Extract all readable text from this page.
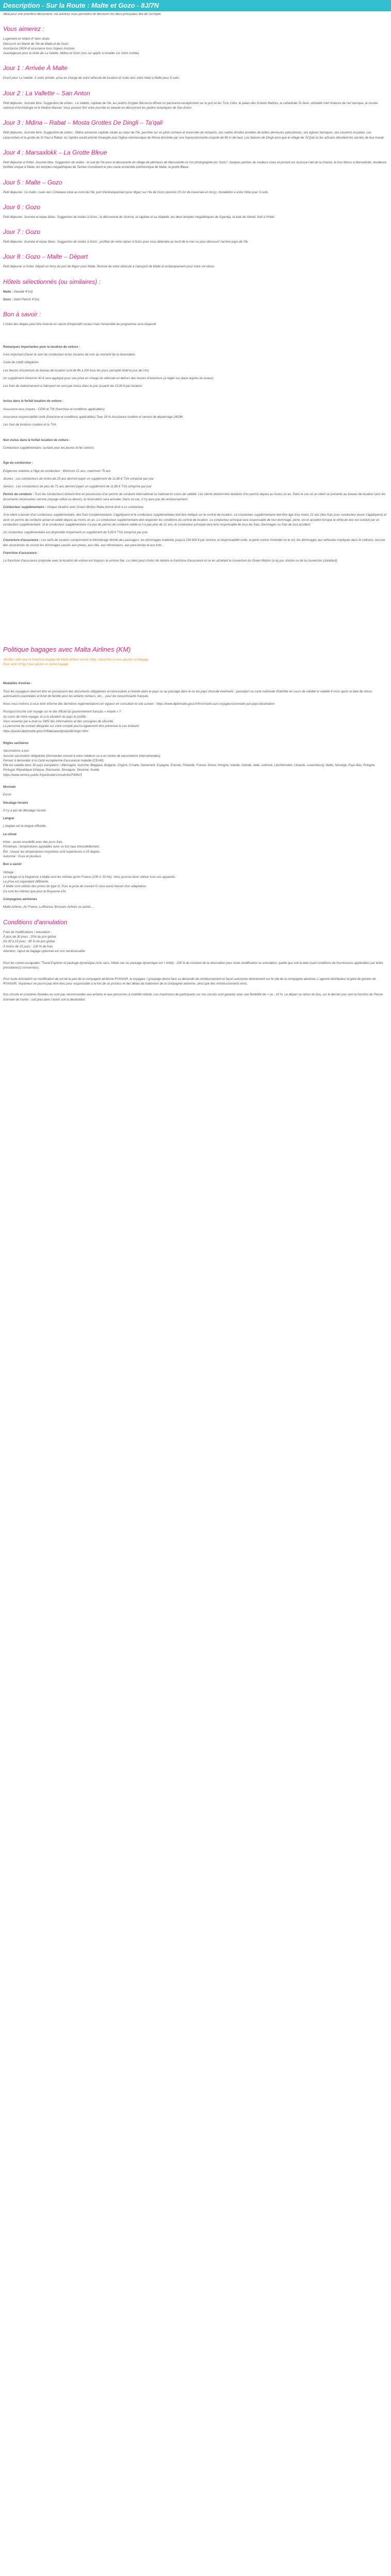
Description - Sur la Route : Malte et Gozo - 8J/7N

Idéal pour une première découverte, cet autotour vous permettra de découvrir les deux principales îles de l'archipel.

Vous aimerez :
Logement en hôtels 4* bien situés
Découvrir en liberté de l'île de Malte et de Gozo
Assistance 24/24 et assurance tous risques incluses
Avantageuse pour la visite de La Valette, Mdina et Gozo (vos sur applis à installer sur votre mobile)
Jour 1 : Arrivée À Malte

Envol pour La Valette. À votre arrivée, prise en charge de votre véhicule de location et route vers votre hôtel à Malte pour 4 nuits.

Jour 2 : La Vallette – San Anton

Petit déjeuner. Journée libre. Suggestion de visites : La Valette, capitale de l'île, les jardins d'Upper Barracca offrant un panorama exceptionnel sur le port et les Trois Cités, le palais des Grands Maîtres, la cathédrale St-Jean, véritable chef d'œuvre de l'art baroque, le musée national d'Archéologie et le théâtre Manoel. Vous pouvez finir votre journée en beauté en découvrant les jardins botaniques de San Anton.

Jour 3 : Mdina – Rabat – Mosta Grottes De Dingli – Ta'qali

Petit déjeuner. Journée libre. Suggestion de visites : Mdina ancienne capitale située au cœur de l'île, perchée sur un piton rocheux et encerclée de remparts, ses ruelles étroites bordées de belles demeures patriciennes, ses églises baroques, ses couvents et palais. Les catacombes et la grotte de St Paul à Rabat, où l'apôtre aurait prêché l'évangile puis l'église néoclassique de Mosta dominée par une impressionnante coupole de 60 m de haut. Les falaises de Dingli ainsi que le village de Ta'Qali où les artisans dévoilent les secrets de leur travail.

Jour 4 : Marsaxlokk – La Grotte Bleue

Petit déjeuner à l'hôtel. Journée libre. Suggestion de visites : le sud de l'île pour la découverte du village de pêcheurs de Marsaxlokk où l'on photographie les "luzzu", barques peintes de couleurs vives et portant sur la proue l'œil de la chance, le tour Marso à Marsaxlokk, résidence fortifiée unique à Malte, les temples mégalithiques de Tarxien constituent le plus vaste ensemble préhistorique de Malte, la grotte Bleue.

Jour 5 : Malte – Gozo

Petit déjeuner. Ce matin, route vers Cirkewwa situé au nord de l'île, port d'embarquement pour Mgarr sur l'île de Gozo (environ 25 mn de traversée en ferry). Installation à votre hôtel pour 3 nuits.

Jour 6 : Gozo

Petit déjeuner. Journée et repas libres. Suggestion de visites à Gozo : la découverte de Victoria, la capitale et sa citadelle, les deux temples mégalithiques de Ggantija, la baie de Xlendi, Nuit à l'hôtel.

Jour 7 : Gozo

Petit déjeuner. Journée et repas libres. Suggestion de visites à Gozo : profitez de votre séjour à Gozo pour vous détendre au bord de la mer ou pour découvrir l'arrière pays de l'île.

Jour 8 : Gozo – Malte – Départ

Petit déjeuner à l'hôtel. Départ en ferry du port de Mgarr pour Malte. Remise de votre véhicule à l'aéroport de Malte et embarquement pour votre vol retour.

Hôtels sélectionnés (ou similaires) :
Malte : Seeade 4*(st)
Gozo : Saint Patrick 4*(st)
Bon à savoir :

L'ordre des étapes peut être inversé en raison d'impératifs locaux mais l'ensemble du programme sera respecté

Remarques importantes pour la location de voiture :

Il est important d'avoir le nom du conducteur et les horaires de vols au moment de la réservation.

Carte de crédit obligatoire

Les heures d'ouverture du bureau de location sont de 8h à 20h tous les jours (accepté Noël et jour de l'An)

Un supplément d'environ 40 € sera appliqué pour une prise en charge du véhicule en dehors des heures d'ouverture (à régler sur place auprès du loueur).

Les frais de stationnement à l'aéroport ne sont pas inclus dans le prix (à partir de 13,00 € par location.

Inclus dans le forfait location de voiture :

Assurance tous risques - CDW et TW (franchise et conditions applicables)

Assurance responsabilité civile (franchise et conditions applicables) Taxe 18 % Assistance routière et service de dépannage 24/24h

Les frais de livraison routière et la TVA.

Non inclus dans le forfait location de voiture :

Conducteur supplémentaire, surtaxe pour les jeunes et les seniors

Âge du conducteur :

Exigences relatives à l'âge du conducteur : Minimum 21 ans, maximum 75 ans

Jeunes : Les conducteurs de moins de 25 ans devront payer un supplément de 11,80 € TVA comprise par jour

Seniors : Les conducteurs de plus de 71 ans devront payer un supplément de 11,80 € TVA comprise par jour

Permis de conduire : Tous les conducteurs doivent être en possession d'un permis de conduire international ou national en cours de validité. Les clients doivent être titulaires d'un permis depuis au moins un an. Dans le cas où un client se présente au bureau de location sans les documents nécessaires comme (voyage utilisé ou devoir), la réservation sera annulée. Dans ce cas, il n'y aura pas de remboursement.

Conducteur supplémentaire : chaque location avec Green Motion Malta donne droit à un conducteur.

Si le client a besoin d'un conducteur supplémentaire, des frais complémentaires s'appliquent et le conducteur supplémentaire doit être indiqué sur le contrat de location. Le conducteur supplémentaire doit être âgé d'au moins 21 ans (des frais pour conducteur jeune s'appliquent) et avoir un permis de conduire actuel et validé depuis au moins un an. Le conducteur supplémentaire doit respecter les conditions du contrat de location. Le conducteur principal sera responsable de tout dommage, perte, vol et accident lorsque le véhicule leur est conduit par un conducteur supplémentaire. Si le conducteur supplémentaire n'a pas de permis de conduire valide et n'a pas plus de 21 ans, le conducteur principal sera tenu responsable de tous les frais, dommages ou frais de tout accident.

Un conducteur supplémentaire est disponible moyennant un supplément de 5,00 € TVA comprise par jour.

Couverture d'assurance : Les tarifs de location comprennent le kilométrage illimité des passagers, les dommages matériels jusqu'à 234 000 € par sinistre, la responsabilité civile, la perte contre l'incendie ou le vol, les dommages aux véhicules impliqués dans le collision. Aucune des assurances ne couvre les dommages causés aux pneus, aux clés, aux rétroviseurs, aux pare-brises et aux toits.

Franchise d'assurance :

La franchise d'assurance proposée avec la location de voiture est toujours la somme fixe. Le client peut choisir de réduire la franchise d'assurance et ce en achetant la couverture du Green Motion (a la) par sinistre ou de la couverture (standard).

Politique bagages avec Malta Airlines (KM)
Veuillez noter que la franchise bagage de Malta Airlines est de 10kg / personne si vous ajoutez un bagage.
Pour avoir 20 kg il faut ajouter un 1ème bagage

Modalités d'entrée :

Tous les voyageurs devront être en possession des documents obligatoires et nécessaires à l'entrée dans le pays ou au passage dans le ou les pays d'escale éventuels : passeport ou carte nationale d'identité en cours de validité et valable 6 mois après la date de retour, autorisations parentales et livret de famille pour les enfants mineurs, etc… pour les ressortissants français.

Nous vous invitons à vous tenir informé des dernières réglementations en vigueur en consultant le site suivant : https://www.diplomatie.gouv.fr/fr/conseils-aux-voyageurs/conseils-par-pays-destination

Pourquoi inscrire son voyage sur le site officiel du gouvernement français « Ariane » ?
Au cours de votre voyage, et si la situation du pays le justifie :
Vous recevrez par e-mail ou SMS des informations et des consignes de sécurité.
La personne de contact désignée sur votre compte pourra également être prévenue le cas échéant.
https://pastel.diplomatie.gouv.fr/fildariane/dyn/public/login.html

Règles sanitaires

Vaccinations à jour.
Aucune vaccination obligatoire (Demandez conseil à votre médecin ou à un centre de vaccinations internationales).
Pensez à demander à la Carte européenne d'assurance maladie (CEAM).
Elle est valable dans 30 pays européens : Allemagne, Autriche, Belgique, Bulgarie, Chypre, Croatie, Danemark, Espagne, Estonie, Finlande, France, Grèce, Hongrie, Irlande, Islande, Italie, Lettonie, Liechtenstein, Lituanie, Luxembourg, Malte, Norvège, Pays-Bas, Pologne, Portugal, République tchèque, Roumanie, Slovaquie, Slovénie, Suède.
https://www.service-public.fr/particuliers/vosdroits/F49815

Monnaie

Euros

Décalage horaire

Il n'y a pas de décalage horaire

Langue

L'anglais est la langue officielle.

Le climat

Hiver : assez ensoleillé avec des jours frais.
Printemps : températures agréables avec un fort taux d'ensoleillement.
Été : chaud, les températures moyennes sont supérieures à 25 degrés.
Automne : Doux et pluvieux.

Bon à savoir

Voltage :
Le voltage et la fréquence à Malte sont les mêmes qu'en France (230 V, 50 Hz). Vous pourrez donc utiliser tous vos appareils.
La prise est cependant différente.
À Malte sont utilisés des prises de type G. Pour la prise de courant G vous aurez besoin d'un adaptateur.
Ce sont les mêmes que pour le Royaume-Uni.

Compagnies aériennes

Malta Airlines, Air France, Lufthansa, Brussels Airlines ou autres ...

Conditions d'annulation
Frais de modifications / annulation :
À plus de 30 jours : 25% du prix global
De 30 à 15 jours : 85 % du prix global
À moins de 15 jours : 100 % de frais
Attention, l'ajout de bagage optionnel est non remboursable.

Pour les contre-escapades "Travel Explorer et package dynamique (vols secs, hôtels sec ou package dynamique vol + hôtel) : 100 % du montant de la réservation pour toute modification ou annulation, quelle que soit la date (sauf conditions de fournisseurs applicables par le/les prestataire(s) concerné(s).

Pour toute annulation ou modification de vol de la part de la compagnie aérienne RYANAIR, le voyageur / groupage devra faire sa demande de remboursement et façon autonome directement sur le site de la compagnie aérienne. L'agence distributeur et géré de gestion de RYANAIR. Voyameur ne pourra pas être tenu pour responsable à la fois de ce process et des délais de traitement de la compagnie aérienne, ainsi que des remboursements émis.

Nos circuits et croisières fluviales ne sont pas recommandés aux enfants et aux personnes à mobilité réduite. Les maximums de participants sur nos circuits sont garantis avec une flexibilité de + ou - 10 %. Le départ ou retour du bus, sur le dernier jour sont la fonction de l'heure d'arrivée de l'avion : soit près dans l'avion soit la destination.
